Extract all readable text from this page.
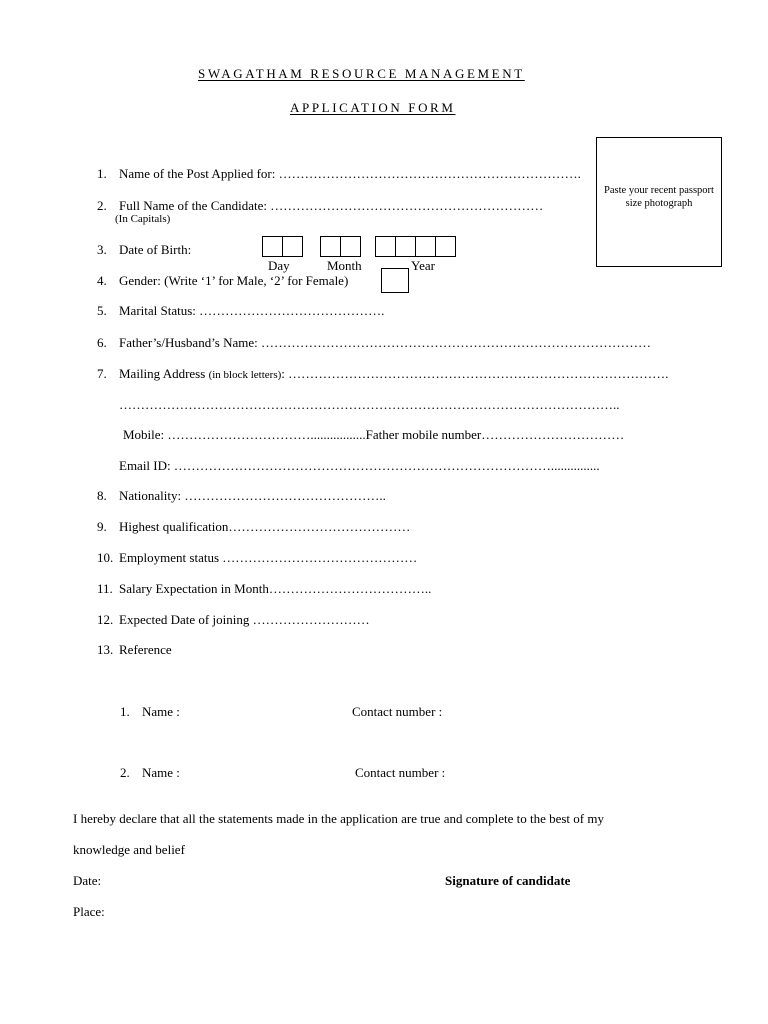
SWAGATHAM RESOURCE MANAGEMENT
APPLICATION FORM
Paste your recent passport size photograph
1. Name of the Post Applied for: …………………………………………………………….
2. Full Name of the Candidate: ………………………………………………………
(In Capitals)
3. Date of Birth:
Day	Month	Year
4. Gender: (Write ‘1’ for Male, ‘2’ for Female)
5. Marital Status: …………………………………….
6. Father’s/Husband’s Name: ………………………………………………………………………………
7. Mailing Address (in block letters): …………………………………………………………………………….
……………………………………………………………………………………………………..
Mobile: …………………………….................Father mobile number……………………………
Email ID: ……………………………………………………………………………...............
8. Nationality: ………………………………………..
9. Highest qualification……………………………………
10. Employment status ………………………………………
11. Salary Expectation in Month………………………………..
12. Expected Date of joining ………………………
13. Reference
1. Name :	Contact number :
2. Name :	Contact number :
I hereby declare that all the statements made in the application are true and complete to the best of my
knowledge and belief
Date:	Signature of candidate
Place:
